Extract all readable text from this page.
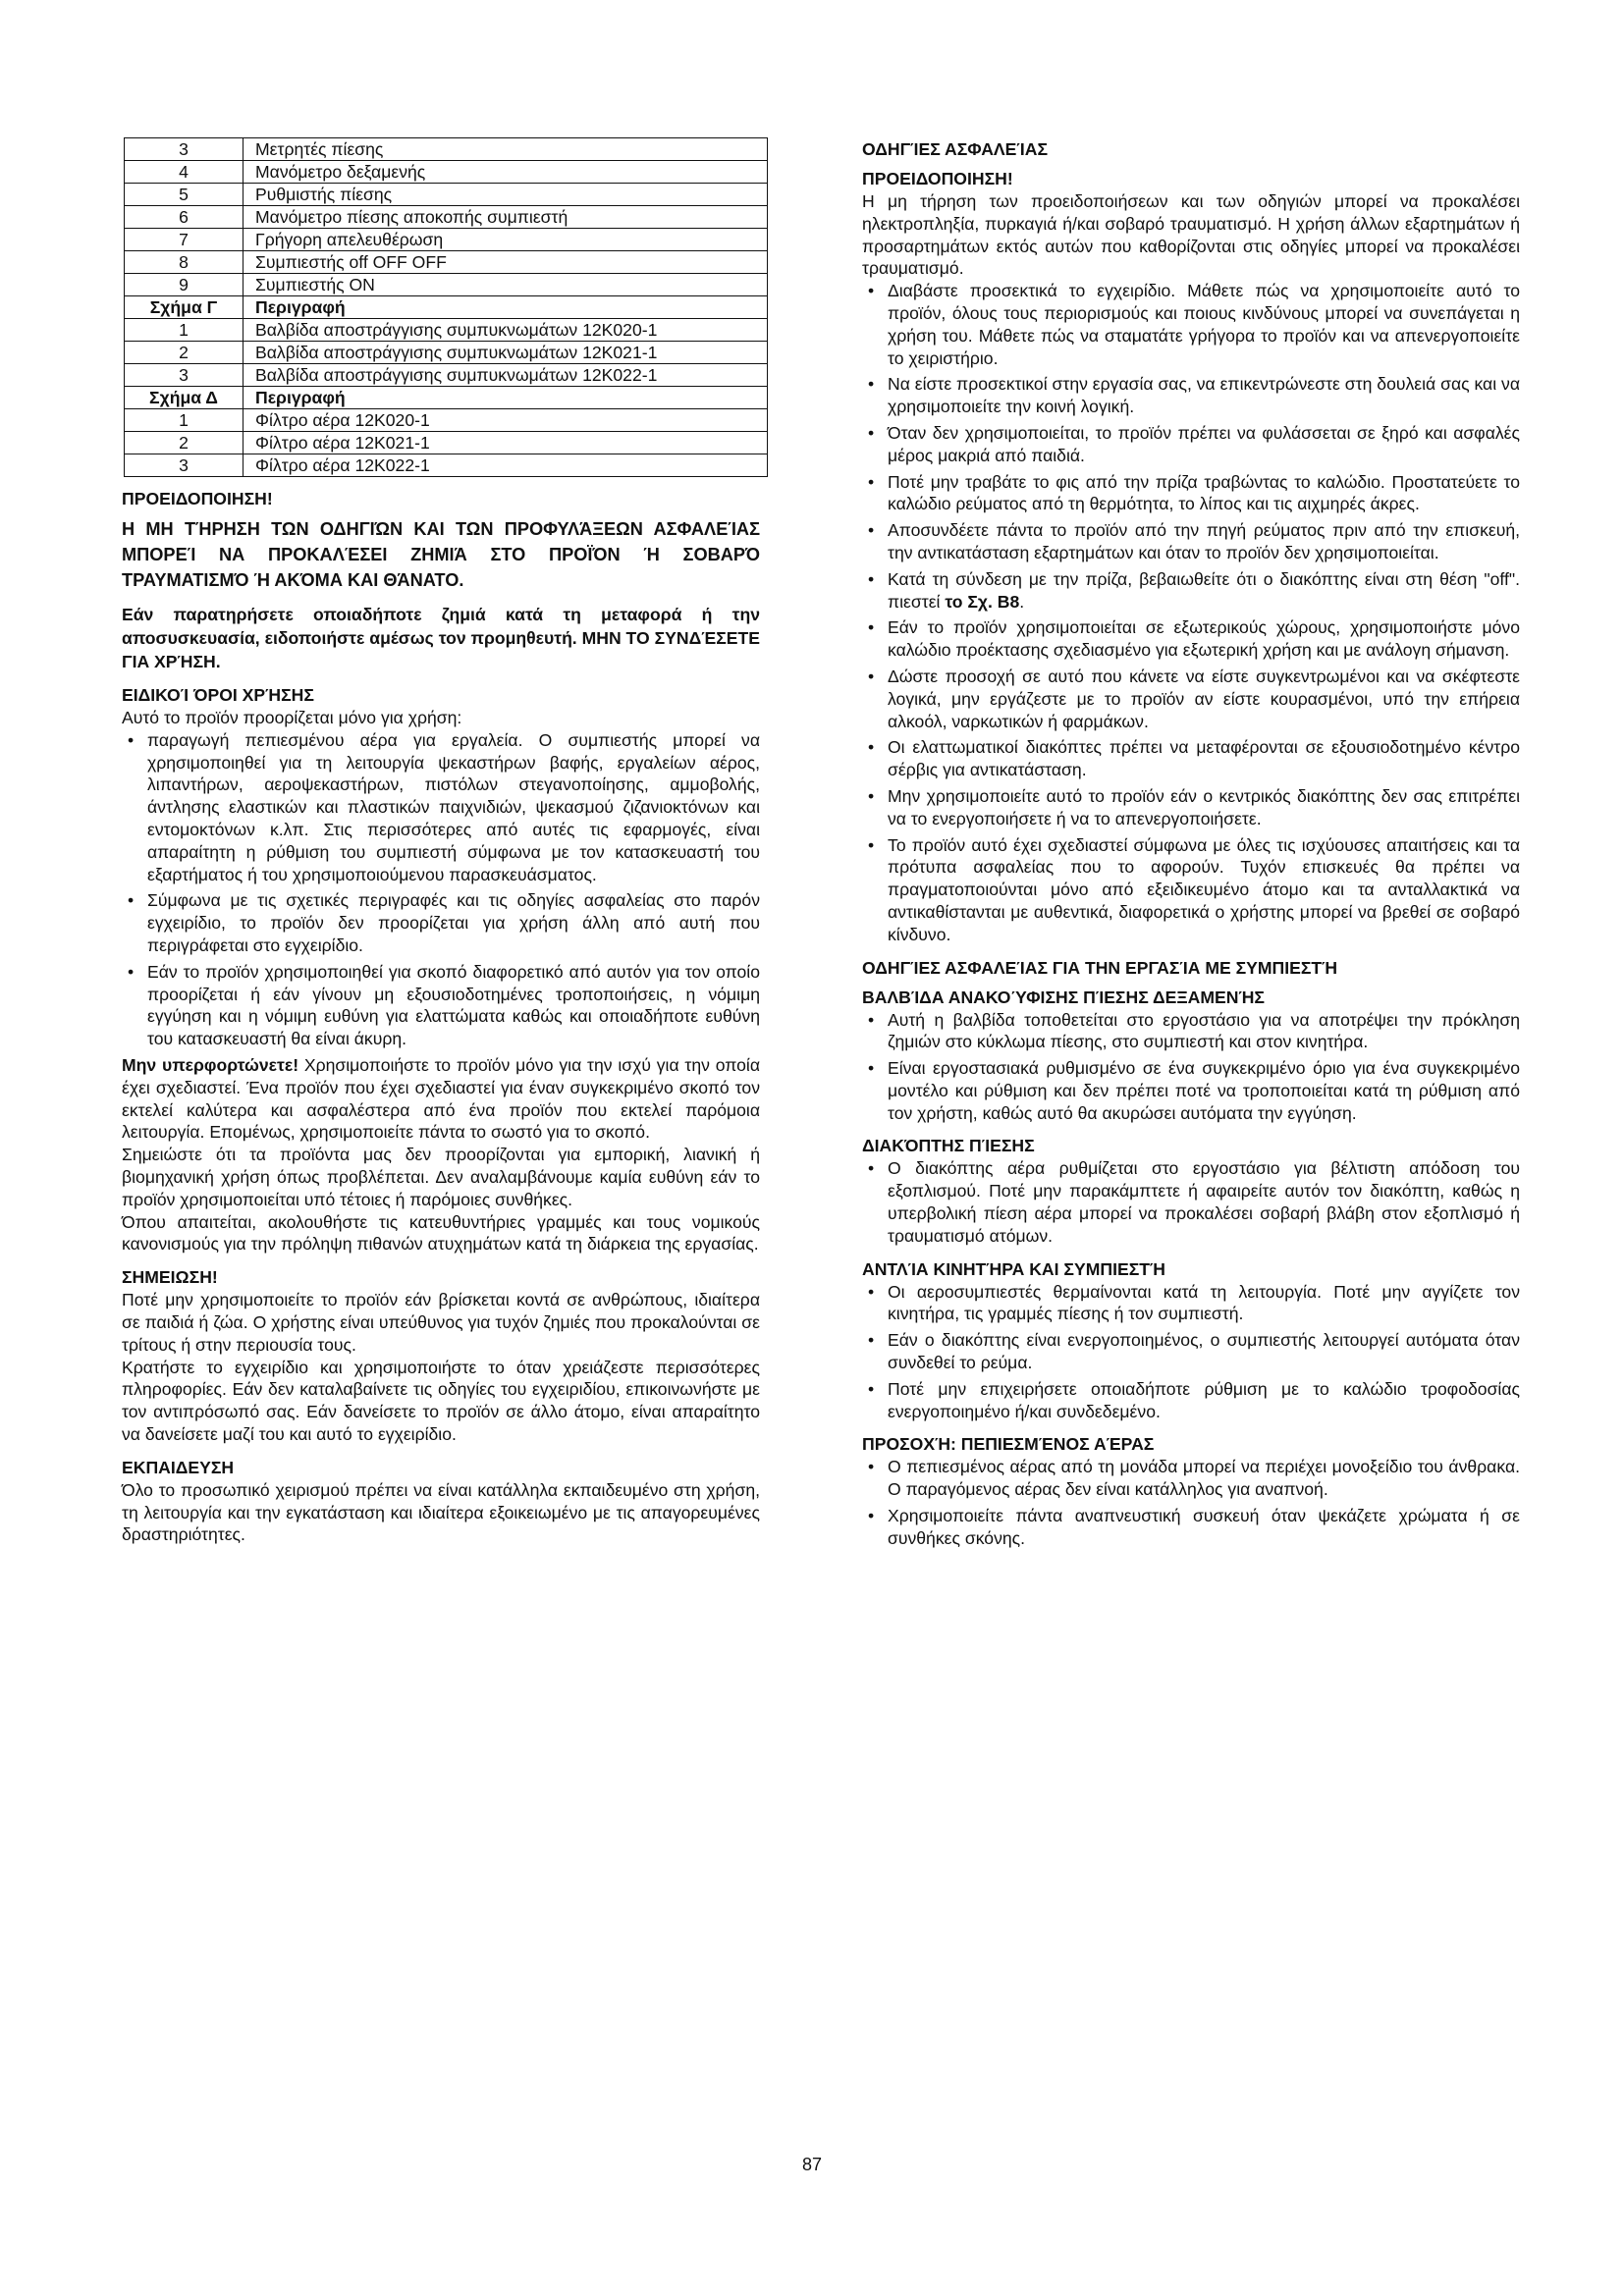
3	Μετρητές πίεσης
4	Μανόμετρο δεξαμενής
5	Ρυθμιστής πίεσης
6	Μανόμετρο πίεσης αποκοπής συμπιεστή
7	Γρήγορη απελευθέρωση
8	Συμπιεστής off OFF OFF
9	Συμπιεστής ON
Σχήμα Γ	Περιγραφή
1	Βαλβίδα αποστράγγισης συμπυκνωμάτων 12K020-1
2	Βαλβίδα αποστράγγισης συμπυκνωμάτων 12K021-1
3	Βαλβίδα αποστράγγισης συμπυκνωμάτων 12K022-1
Σχήμα Δ	Περιγραφή
1	Φίλτρο αέρα 12K020-1
2	Φίλτρο αέρα 12K021-1
3	Φίλτρο αέρα 12K022-1
ΠΡΟΕΙΔΟΠΟΙΗΣΗ!

Η ΜΗ ΤΉΡΗΣΗ ΤΩΝ ΟΔΗΓΙΏΝ ΚΑΙ ΤΩΝ ΠΡΟΦΥΛΆΞΕΩΝ ΑΣΦΑΛΕΊΑΣ ΜΠΟΡΕΊ ΝΑ ΠΡΟΚΑΛΈΣΕΙ ΖΗΜΙΆ ΣΤΟ ΠΡΟΪΌΝ Ή ΣΟΒΑΡΌ ΤΡΑΥΜΑΤΙΣΜΌ Ή ΑΚΌΜΑ ΚΑΙ ΘΆΝΑΤΟ.

Εάν παρατηρήσετε οποιαδήποτε ζημιά κατά τη μεταφορά ή την αποσυσκευασία, ειδοποιήστε αμέσως τον προμηθευτή. ΜΗΝ ΤΟ ΣΥΝΔΈΣΕΤΕ ΓΙΑ ΧΡΉΣΗ.

ΕΙΔΙΚΟΊ ΌΡΟΙ ΧΡΉΣΗΣ

Αυτό το προϊόν προορίζεται μόνο για χρήση:

• παραγωγή πεπιεσμένου αέρα για εργαλεία. Ο συμπιεστής μπορεί να χρησιμοποιηθεί για τη λειτουργία ψεκαστήρων βαφής, εργαλείων αέρος, λιπαντήρων, αεροψεκαστήρων, πιστόλων στεγανοποίησης, αμμοβολής, άντλησης ελαστικών και πλαστικών παιχνιδιών, ψεκασμού ζιζανιοκτόνων και εντομοκτόνων κ.λπ. Στις περισσότερες από αυτές τις εφαρμογές, είναι απαραίτητη η ρύθμιση του συμπιεστή σύμφωνα με τον κατασκευαστή του εξαρτήματος ή του χρησιμοποιούμενου παρασκευάσματος.
• Σύμφωνα με τις σχετικές περιγραφές και τις οδηγίες ασφαλείας στο παρόν εγχειρίδιο, το προϊόν δεν προορίζεται για χρήση άλλη από αυτή που περιγράφεται στο εγχειρίδιο.
• Εάν το προϊόν χρησιμοποιηθεί για σκοπό διαφορετικό από αυτόν για τον οποίο προορίζεται ή εάν γίνουν μη εξουσιοδοτημένες τροποποιήσεις, η νόμιμη εγγύηση και η νόμιμη ευθύνη για ελαττώματα καθώς και οποιαδήποτε ευθύνη του κατασκευαστή θα είναι άκυρη.

Μην υπερφορτώνετε! Χρησιμοποιήστε το προϊόν μόνο για την ισχύ για την οποία έχει σχεδιαστεί. Ένα προϊόν που έχει σχεδιαστεί για έναν συγκεκριμένο σκοπό τον εκτελεί καλύτερα και ασφαλέστερα από ένα προϊόν που εκτελεί παρόμοια λειτουργία. Επομένως, χρησιμοποιείτε πάντα το σωστό για το σκοπό.

Σημειώστε ότι τα προϊόντα μας δεν προορίζονται για εμπορική, λιανική ή βιομηχανική χρήση όπως προβλέπεται. Δεν αναλαμβάνουμε καμία ευθύνη εάν το προϊόν χρησιμοποιείται υπό τέτοιες ή παρόμοιες συνθήκες.

Όπου απαιτείται, ακολουθήστε τις κατευθυντήριες γραμμές και τους νομικούς κανονισμούς για την πρόληψη πιθανών ατυχημάτων κατά τη διάρκεια της εργασίας.

ΣΗΜΕΙΩΣΗ!

Ποτέ μην χρησιμοποιείτε το προϊόν εάν βρίσκεται κοντά σε ανθρώπους, ιδιαίτερα σε παιδιά ή ζώα. Ο χρήστης είναι υπεύθυνος για τυχόν ζημιές που προκαλούνται σε τρίτους ή στην περιουσία τους.

Κρατήστε το εγχειρίδιο και χρησιμοποιήστε το όταν χρειάζεστε περισσότερες πληροφορίες. Εάν δεν καταλαβαίνετε τις οδηγίες του εγχειριδίου, επικοινωνήστε με τον αντιπρόσωπό σας. Εάν δανείσετε το προϊόν σε άλλο άτομο, είναι απαραίτητο να δανείσετε μαζί του και αυτό το εγχειρίδιο.

ΕΚΠΑΙΔΕΥΣΗ

Όλο το προσωπικό χειρισμού πρέπει να είναι κατάλληλα εκπαιδευμένο στη χρήση, τη λειτουργία και την εγκατάσταση και ιδιαίτερα εξοικειωμένο με τις απαγορευμένες δραστηριότητες.

ΟΔΗΓΊΕΣ ΑΣΦΑΛΕΊΑΣ
ΠΡΟΕΙΔΟΠΟΙΗΣΗ!

Η μη τήρηση των προειδοποιήσεων και των οδηγιών μπορεί να προκαλέσει ηλεκτροπληξία, πυρκαγιά ή/και σοβαρό τραυματισμό. Η χρήση άλλων εξαρτημάτων ή προσαρτημάτων εκτός αυτών που καθορίζονται στις οδηγίες μπορεί να προκαλέσει τραυματισμό.

• Διαβάστε προσεκτικά το εγχειρίδιο. Μάθετε πώς να χρησιμοποιείτε αυτό το προϊόν, όλους τους περιορισμούς και ποιους κινδύνους μπορεί να συνεπάγεται η χρήση του. Μάθετε πώς να σταματάτε γρήγορα το προϊόν και να απενεργοποιείτε το χειριστήριο.
• Να είστε προσεκτικοί στην εργασία σας, να επικεντρώνεστε στη δουλειά σας και να χρησιμοποιείτε την κοινή λογική.
• Όταν δεν χρησιμοποιείται, το προϊόν πρέπει να φυλάσσεται σε ξηρό και ασφαλές μέρος μακριά από παιδιά.
• Ποτέ μην τραβάτε το φις από την πρίζα τραβώντας το καλώδιο. Προστατεύετε το καλώδιο ρεύματος από τη θερμότητα, το λίπος και τις αιχμηρές άκρες.
• Αποσυνδέετε πάντα το προϊόν από την πηγή ρεύματος πριν από την επισκευή, την αντικατάσταση εξαρτημάτων και όταν το προϊόν δεν χρησιμοποιείται.
• Κατά τη σύνδεση με την πρίζα, βεβαιωθείτε ότι ο διακόπτης είναι στη θέση "off". πιεστεί το Σχ. Β8.
• Εάν το προϊόν χρησιμοποιείται σε εξωτερικούς χώρους, χρησιμοποιήστε μόνο καλώδιο προέκτασης σχεδιασμένο για εξωτερική χρήση και με ανάλογη σήμανση.
• Δώστε προσοχή σε αυτό που κάνετε να είστε συγκεντρωμένοι και να σκέφτεστε λογικά, μην εργάζεστε με το προϊόν αν είστε κουρασμένοι, υπό την επήρεια αλκοόλ, ναρκωτικών ή φαρμάκων.
• Οι ελαττωματικοί διακόπτες πρέπει να μεταφέρονται σε εξουσιοδοτημένο κέντρο σέρβις για αντικατάσταση.
• Μην χρησιμοποιείτε αυτό το προϊόν εάν ο κεντρικός διακόπτης δεν σας επιτρέπει να το ενεργοποιήσετε ή να το απενεργοποιήσετε.
• Το προϊόν αυτό έχει σχεδιαστεί σύμφωνα με όλες τις ισχύουσες απαιτήσεις και τα πρότυπα ασφαλείας που το αφορούν. Τυχόν επισκευές θα πρέπει να πραγματοποιούνται μόνο από εξειδικευμένο άτομο και τα ανταλλακτικά να αντικαθίστανται με αυθεντικά, διαφορετικά ο χρήστης μπορεί να βρεθεί σε σοβαρό κίνδυνο.
ΟΔΗΓΊΕΣ ΑΣΦΑΛΕΊΑΣ ΓΙΑ ΤΗΝ ΕΡΓΑΣΊΑ ΜΕ ΣΥΜΠΙΕΣΤΉ
ΒΑΛΒΊΔΑ ΑΝΑΚΟΎΦΙΣΗΣ ΠΊΕΣΗΣ ΔΕΞΑΜΕΝΉΣ
• Αυτή η βαλβίδα τοποθετείται στο εργοστάσιο για να αποτρέψει την πρόκληση ζημιών στο κύκλωμα πίεσης, στο συμπιεστή και στον κινητήρα.
• Είναι εργοστασιακά ρυθμισμένο σε ένα συγκεκριμένο όριο για ένα συγκεκριμένο μοντέλο και ρύθμιση και δεν πρέπει ποτέ να τροποποιείται κατά τη ρύθμιση από τον χρήστη, καθώς αυτό θα ακυρώσει αυτόματα την εγγύηση.
ΔΙΑΚΌΠΤΗΣ ΠΊΕΣΗΣ
• Ο διακόπτης αέρα ρυθμίζεται στο εργοστάσιο για βέλτιστη απόδοση του εξοπλισμού. Ποτέ μην παρακάμπτετε ή αφαιρείτε αυτόν τον διακόπτη, καθώς η υπερβολική πίεση αέρα μπορεί να προκαλέσει σοβαρή βλάβη στον εξοπλισμό ή τραυματισμό ατόμων.
ΑΝΤΛΊΑ ΚΙΝΗΤΉΡΑ ΚΑΙ ΣΥΜΠΙΕΣΤΉ
• Οι αεροσυμπιεστές θερμαίνονται κατά τη λειτουργία. Ποτέ μην αγγίζετε τον κινητήρα, τις γραμμές πίεσης ή τον συμπιεστή.
• Εάν ο διακόπτης είναι ενεργοποιημένος, ο συμπιεστής λειτουργεί αυτόματα όταν συνδεθεί το ρεύμα.
• Ποτέ μην επιχειρήσετε οποιαδήποτε ρύθμιση με το καλώδιο τροφοδοσίας ενεργοποιημένο ή/και συνδεδεμένο.
ΠΡΟΣΟΧΉ: ΠΕΠΙΕΣΜΈΝΟΣ ΑΈΡΑΣ
• Ο πεπιεσμένος αέρας από τη μονάδα μπορεί να περιέχει μονοξείδιο του άνθρακα. Ο παραγόμενος αέρας δεν είναι κατάλληλος για αναπνοή.
• Χρησιμοποιείτε πάντα αναπνευστική συσκευή όταν ψεκάζετε χρώματα ή σε συνθήκες σκόνης.
87
